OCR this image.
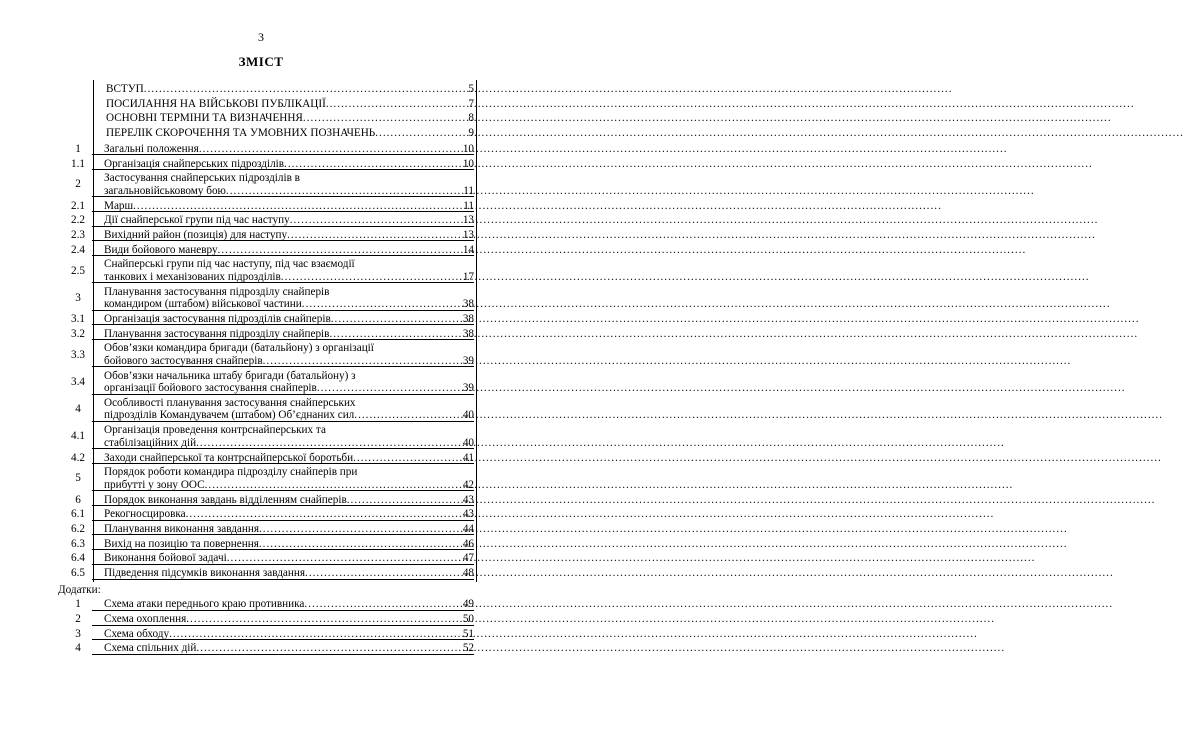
3
ЗМІСТ
ВСТУП .....	5
ПОСИЛАННЯ НА ВІЙСЬКОВІ ПУБЛІКАЦІЇ .....	7
ОСНОВНІ ТЕРМІНИ ТА ВИЗНАЧЕННЯ .....	8
ПЕРЕЛІК СКОРОЧЕННЯ ТА УМОВНИХ ПОЗНАЧЕНЬ .....	9
1	Загальні положення .....	10
1.1	Організація снайперських підрозділів .....	10
2
Застосування снайперських підрозділів в
загальновійськовому бою .....	11
2.1	Марш .....	11
2.2	Дії снайперської групи під час наступу .....	13
2.3	Вихідний район (позиція) для наступу .....	13
2.4	Види бойового маневру .....	14
2.5
Снайперські групи під час наступу, під час взаємодії
танкових і механізованих підрозділів .....	17
3
Планування застосування підрозділу снайперів
командиром (штабом) військової частини .....	38
3.1	Організація застосування підрозділів снайперів .....	38
3.2	Планування застосування підрозділу снайперів .....	38
3.3
Обов’язки командира бригади (батальйону) з організації
бойового застосування снайперів .....	39
3.4
Обов’язки начальника штабу бригади (батальйону) з
організації бойового застосування снайперів .....	39
4
Особливості планування застосування снайперських
підрозділів Командувачем (штабом) Об’єднаних сил .....	40
4.1
Організація проведення контрснайперських та
стабілізаційних дій .....	40
4.2	Заходи снайперської та контрснайперської боротьби .....	41
5
Порядок роботи командира підрозділу снайперів при
прибутті у зону ООС .....	42
6	Порядок виконання завдань відділенням снайперів .....	43
6.1	Рекогносцировка .....	43
6.2	Планування виконання завдання .....	44
6.3	Вихід на позицію та повернення .....	46
6.4	Виконання бойової задачі .....	47
6.5	Підведення підсумків виконання завдання .....	48
Додатки:
1	Схема атаки переднього краю противника .....	49
2	Схема охоплення .....	50
3	Схема обходу .....	51
4	Схема спільних дій .....	52
